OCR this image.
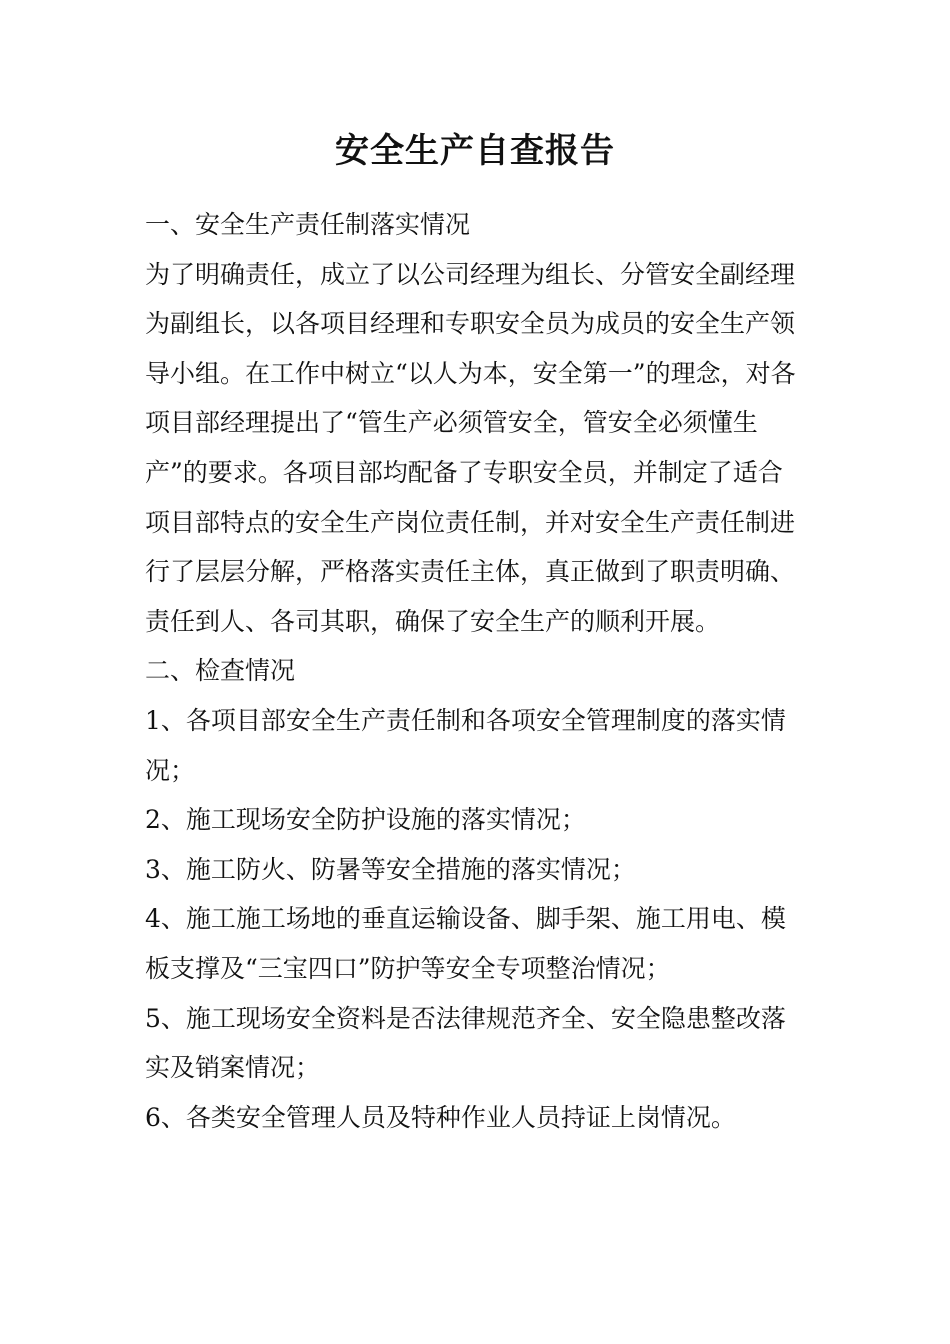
安全生产自查报告

一、安全生产责任制落实情况

为了明确责任，成立了以公司经理为组长、分管安全副经理为副组长，以各项目经理和专职安全员为成员的安全生产领导小组。在工作中树立“以人为本，安全第一”的理念，对各项目部经理提出了“管生产必须管安全，管安全必须懂生产”的要求。各项目部均配备了专职安全员，并制定了适合项目部特点的安全生产岗位责任制，并对安全生产责任制进行了层层分解，严格落实责任主体，真正做到了职责明确、责任到人、各司其职，确保了安全生产的顺利开展。

二、检查情况

1、各项目部安全生产责任制和各项安全管理制度的落实情况；

2、施工现场安全防护设施的落实情况；

3、施工防火、防暑等安全措施的落实情况；

4、施工施工场地的垂直运输设备、脚手架、施工用电、模板支撑及“三宝四口”防护等安全专项整治情况；

5、施工现场安全资料是否法律规范齐全、安全隐患整改落实及销案情况；

6、各类安全管理人员及特种作业人员持证上岗情况。
